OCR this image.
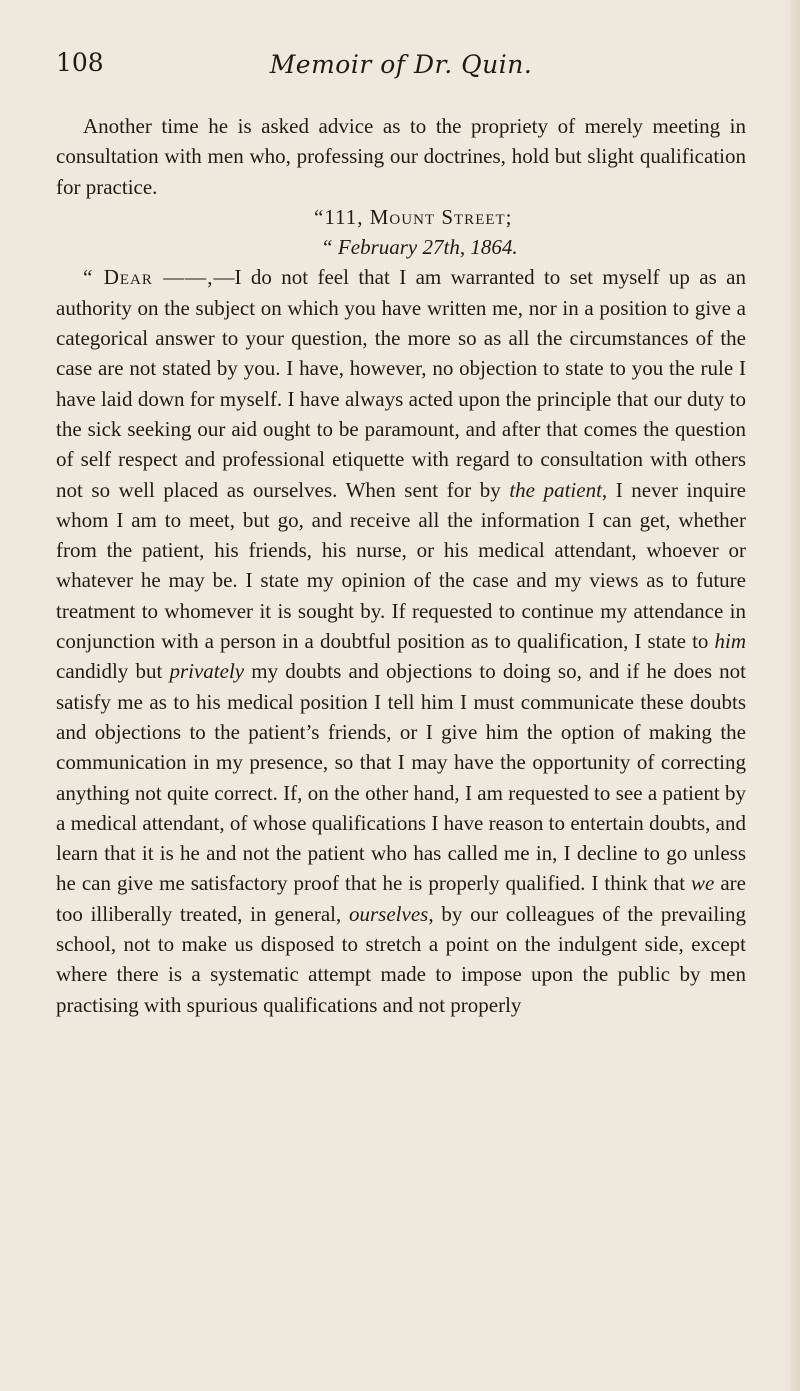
108	Memoir of Dr. Quin.

Another time he is asked advice as to the propriety of merely meeting in consultation with men who, professing our doctrines, hold but slight qualification for practice.

“111, Mount Street;

“ February 27th, 1864.

“ Dear ——,—I do not feel that I am warranted to set myself up as an authority on the subject on which you have written me, nor in a position to give a categorical answer to your question, the more so as all the circumstances of the case are not stated by you. I have, however, no objection to state to you the rule I have laid down for myself. I have always acted upon the principle that our duty to the sick seeking our aid ought to be paramount, and after that comes the question of self respect and professional etiquette with regard to consultation with others not so well placed as ourselves. When sent for by the patient, I never inquire whom I am to meet, but go, and receive all the information I can get, whether from the patient, his friends, his nurse, or his medical attendant, whoever or whatever he may be. I state my opinion of the case and my views as to future treatment to whomever it is sought by. If requested to continue my attendance in conjunction with a person in a doubtful position as to qualification, I state to him candidly but privately my doubts and objections to doing so, and if he does not satisfy me as to his medical position I tell him I must communicate these doubts and objections to the patient’s friends, or I give him the option of making the communication in my presence, so that I may have the opportunity of correcting anything not quite correct. If, on the other hand, I am requested to see a patient by a medical attendant, of whose qualifications I have reason to entertain doubts, and learn that it is he and not the patient who has called me in, I decline to go unless he can give me satisfactory proof that he is properly qualified. I think that we are too illiberally treated, in general, ourselves, by our colleagues of the prevailing school, not to make us disposed to stretch a point on the indulgent side, except where there is a systematic attempt made to impose upon the public by men practising with spurious qualifications and not properly
